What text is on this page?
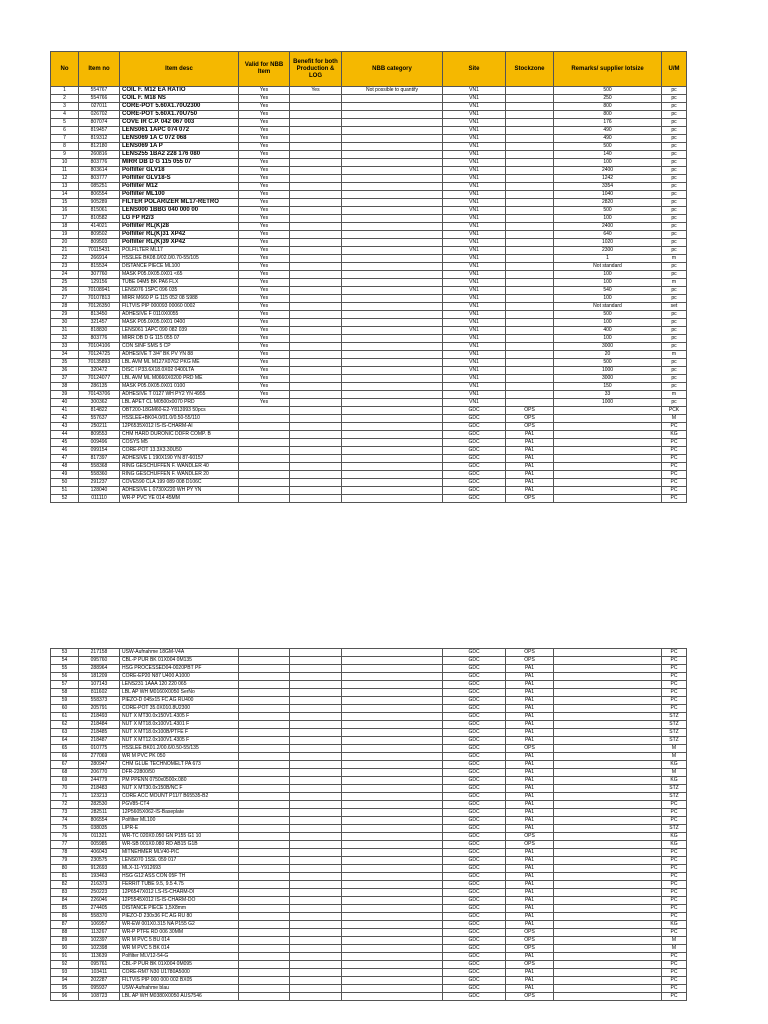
No	Item no	Item desc	Valid for NBB Item	Benefit for both Production & LOG	NBB category	Site	Stockzone	Remarks/ supplier lotsize	U/M
1	554767	COIL F. M12 EA RATIO	Yes	Yes	Not possible to quantify	VN1		500	pc
2	554766	COIL F. M18 NS	Yes			VN1		250	pc
3	027011	CORE-POT 5.60X1.70U2300	Yes			VN1		800	pc
4	026702	CORE-POT 5.60X1.70U750	Yes			VN1		800	pc
5	807074	COVE IR C.P. 042 067 003	Yes			VN1		176	pc
6	819457	LENS061 1APC 074 072	Yes			VN1		490	pc
7	819312	LENS069 1A C 072 068	Yes			VN1		490	pc
8	812180	LENS069 1A P	Yes			VN1		500	pc
9	260816	LENS255 1BA2 228 176 080	Yes			VN1		140	pc
10	803776	MIRR DB D G 115 055 07	Yes			VN1		100	pc
11	803614	Polfilter GLV18	Yes			VN1		2400	pc
12	803777	Polfilter GLV18-S	Yes			VN1		1242	pc
13	085251	Polfilter M12	Yes			VN1		3354	pc
14	806554	Polfilter ML100	Yes			VN1		1040	pc
15	905289	FILTER POLARIZER ML17-RETRO	Yes			VN1		2820	pc
16	815061	LENS000 1BBG 040 000 00	Yes			VN1		500	pc
17	810582	LG FP R2/3	Yes			VN1		100	pc
18	414021	Polfilter RL(K)28	Yes			VN1		2400	pc
19	809502	Polfilter RL(K)31 XP42	Yes			VN1		640	pc
20	809503	Polfilter RL(K)39 XP42	Yes			VN1		1020	pc
21	70115431	POLFILTER ML17	Yes			VN1		2300	pc
22	266914	HSSLEE BK08.0/02.0/0.70-55/105	Yes			VN1		1	m
23	815534	DISTANCE PIECE ML100	Yes			VN1		Not standard	pc
24	307760	MASK P05.0X05.0X01 <65	Yes			VN1		100	pc
25	129156	TUBE 04M5 BK PA6 FLX	Yes			VN1		100	m
26	70108941	LENS076 1SPC 096 035	Yes			VN1		540	pc
27	70107813	MIRR M660 P G 115 052 08 S988	Yes			VN1		100	pc
28	70126350	FILTVIS PIP 000093 00060 0002	Yes			VN1		Not standard	set
29	813450	ADHESIVE F 0110X0055	Yes			VN1		500	pc
30	321457	MASK P05.0X05.0X01 0400	Yes			VN1		100	pc
31	818830	LENS061 1APC 090 082 039	Yes			VN1		400	pc
32	803776	MIRR DB D G 115 055 07	Yes			VN1		100	pc
33	70104106	CON SINF SMS 5 CP	Yes			VN1		3000	pc
34	70124725	ADHESIVE T 3/4" BK PV YN 88	Yes			VN1		20	m
35	70135893	LBL AVM ML M127X0762 PKG ME	Yes			VN1		500	pc
36	320472	DISC I P33.6X18.0X02 0400LTA	Yes			VN1		1000	pc
37	70124077	LBL AVM ML M0660X0200 PRD ME	Yes			VN1		3000	pc
38	286135	MASK P05.0X05.0X01 0100	Yes			VN1		150	pc
39	70143706	ADHESIVE T 0127 WH PY2 YN 4955	Yes			VN1		33	m
40	300362	LBL APET CL M0500x0070 PRD	Yes			VN1		1000	pc
41	814822	OBT200-18GM60-E2-Y813993 50pcs				GDC	OPS		PCK
42	557637	HSSLEE+BK04.0/01.0/0.50-55/110				GDC	OPS		M
43	250211	12P6535X012 IS-IS-CHARM-AI				GDC	OPS		PC
44	809553	CHM HARD DURONIC DDFR COMP. B				GDC	PA1		KG
45	009496	COSYS M5				GDC	PA1		PC
46	099154	CORE-POT 13.3X3.30U50				GDC	PA1		PC
47	817397	ADHESIVE L 190X190 YN 87-60157				GDC	PA1		PC
48	558368	RING GESCHUFFEN F. WANDLER 40				GDC	PA1		PC
49	558360	RING GESCHUFFEN F. WANDLER 20				GDC	PA1		PC
50	291237	COVE590 CLA 199 089 008 D106C				GDC	PA1		PC
51	128040	ADHESIVE L 0730X220 WH PY YN				GDC	PA1		PC
52	011110	WR-P PVC YE 014 45MM				GDC	OPS		PC
53	217158	USW-Aufnahme 18GM-V4A				GDC	OPS		PC
54	095760	CBL-P PUR BK 01X004 0M135				GDC	OPS		PC
55	288964	HSG PROCESSED04-0020PBT PF				GDC	PA1		PC
56	181209	CORE-EP20 N87 U400 A1000				GDC	PA1		PC
57	107143	LENS231 1AAA 120 220 065				GDC	PA1		PC
58	811602	LBL AP WH M0160X0050 SerNo				GDC	PA1		PC
59	558373	PIEZO-D 045x15 FC AG RU400				GDC	PA1		PC
60	205791	CORE-POT 35.0X010.8U2300				GDC	PA1		PC
61	218493	NUT X MT30.0x150V1.4305 F				GDC	PA1		STZ
62	218484	NUT X MT18.0x100V1.4301 F				GDC	PA1		STZ
63	218485	NUT X MT18.0x100B/PTFE F				GDC	PA1		STZ
64	218487	NUT X MT12.0x100V1.4305 F				GDC	PA1		STZ
65	010775	HSSLEE BK01.2/00.6/0.50-55/135				GDC	OPS		M
66	277069	WR M PVC PK 050				GDC	PA1		M
67	280947	CHM GLUE TECHNOMELT PA 673				GDC	PA1		KG
68	206770	DFR-22800/50				GDC	PA1		M
69	244779	PM PPENN 0750x0500x.080				GDC	PA1		KG
70	218483	NUT X MT30.0x150B/NC F				GDC	PA1		STZ
71	123213	CORE ACC MOUNT P11/7 B65535-B2				GDC	PA1		STZ
72	282530	PGV85-CT4				GDC	PA1		PC
73	282511	12P5605X062-IS-Baseplate				GDC	PA1		PC
74	806554	Polfilter ML100				GDC	PA1		PC
75	038035	LIPR-E				GDC	PA1		STZ
76	011321	WR-TC 020X0.050 GN P155 G1 10				GDC	OPS		KG
77	005985	WR-SB 001X0.080 RD AB15 G1B				GDC	OPS		KG
78	406043	MITNEHMER MLV40-PIC				GDC	PA1		PC
79	230575	LENS070 1SSL 059 017				GDC	PA1		PC
80	912693	MLX-11-Y912693				GDC	PA1		PC
81	193463	HSG G12 ASS CON 05F TH				GDC	PA1		PC
82	216373	FERRIT TUBE 9.5, 9.5 4.75				GDC	PA1		PC
83	250223	12P6547X012 LS-IS-CHARM-DI				GDC	PA1		PC
84	226046	12P5545X012 IS-IS-CHARM-DO				GDC	PA1		PC
85	274405	DISTANCE PIECE 1,5X8mm				GDC	PA1		PC
86	558370	PIEZO-D 230x36 FC AG RU 80				GDC	PA1		PC
87	106957	WR-EW 001X0.315 NA P155 G2				GDC	PA1		KG
88	113267	WR-P PTFE RD 006 30MM				GDC	OPS		PC
89	102397	WR M PVC 5 BU 014				GDC	OPS		M
90	102398	WR M PVC 5 BK 014				GDC	OPS		M
91	113639	Polfilter MLV12-54-G				GDC	PA1		PC
92	095761	CBL-P PUR BK 01X004 0M095				GDC	OPS		PC
93	103411	CORE-RM7 N30 U1780A5000				GDC	PA1		PC
94	202287	FILTVIS PIP 000 000 002 BX05				GDC	PA1		PC
95	095937	USW-Aufnahme blau				GDC	PA1		PC
96	108723	LBL AP WH M0380X0050 AUS7546				GDC	OPS		PC
